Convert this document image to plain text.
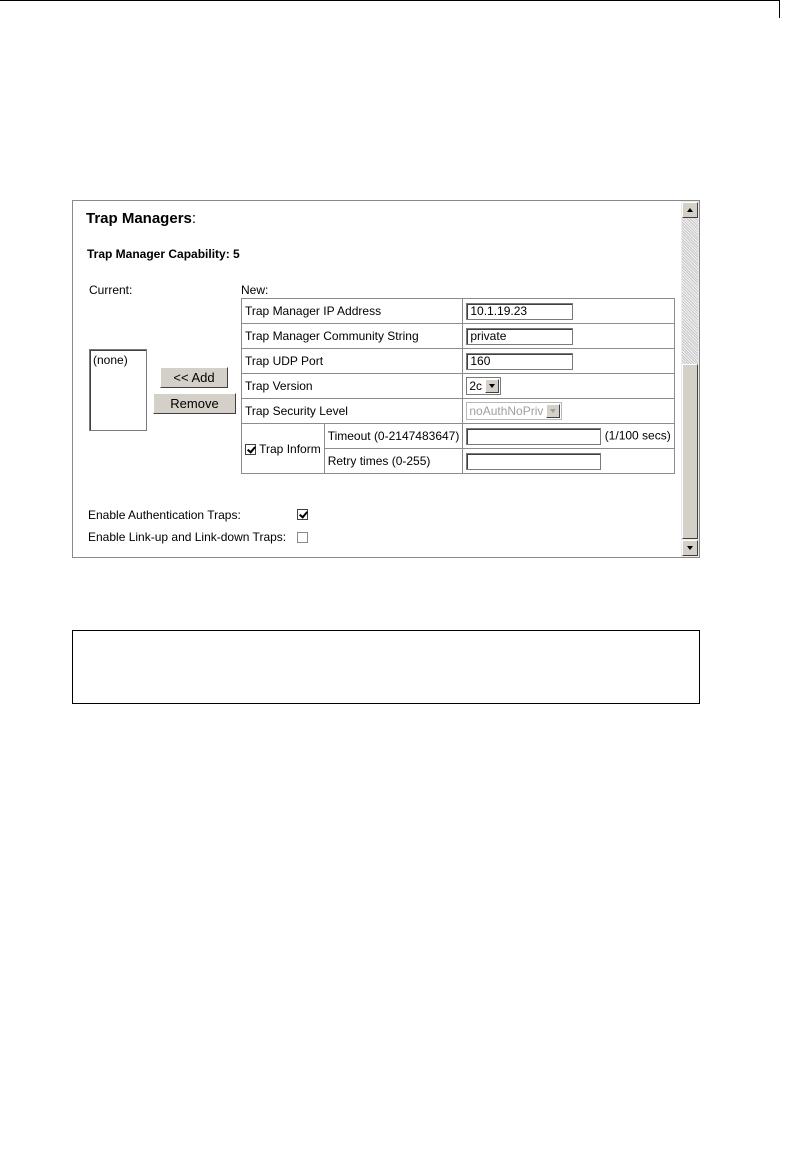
Trap Managers:
Trap Manager Capability: 5
Current:	New:
(none)
<< Add
Remove
Trap Manager IP Address		10.1.19.23
Trap Manager Community String		private
Trap UDP Port		160
Trap Version		2c

Trap Security Level		noAuthNoPriv

Trap Inform	Timeout (0-2147483647)	(1/100 secs)
	Retry times (0-255)	
Enable Authentication Traps:
Enable Link-up and Link-down Traps:
